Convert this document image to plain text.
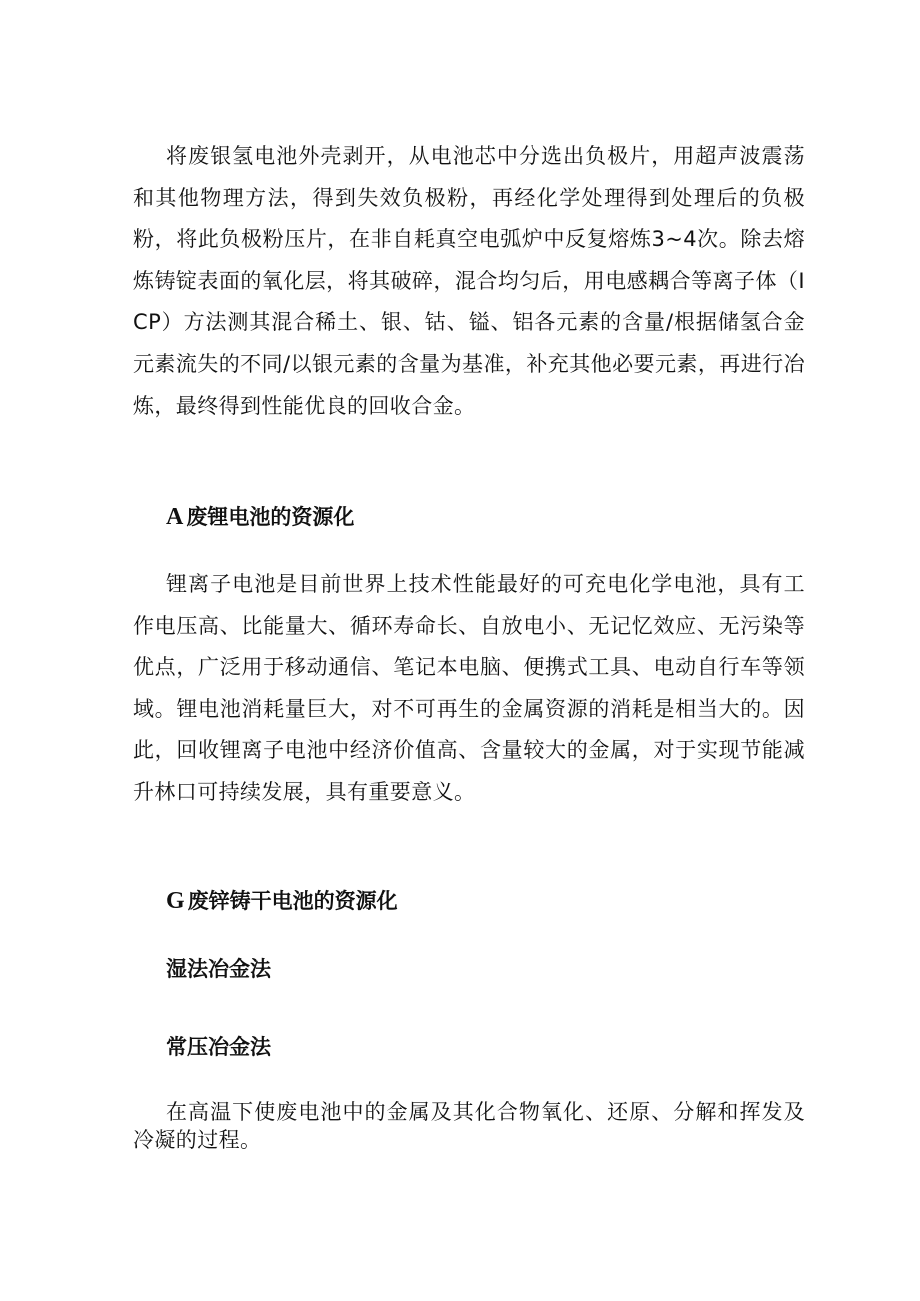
将废银氢电池外壳剥开，从电池芯中分选出负极片，用超声波震荡和其他物理方法，得到失效负极粉，再经化学处理得到处理后的负极粉，将此负极粉压片，在非自耗真空电弧炉中反复熔炼3~4次。除去熔炼铸锭表面的氧化层，将其破碎，混合均匀后，用电感耦合等离子体（ICP）方法测其混合稀土、银、钴、镒、铝各元素的含量/根据储氢合金元素流失的不同/以银元素的含量为基准，补充其他必要元素，再进行冶炼，最终得到性能优良的回收合金。

A 废锂电池的资源化

锂离子电池是目前世界上技术性能最好的可充电化学电池，具有工作电压高、比能量大、循环寿命长、自放电小、无记忆效应、无污染等优点，广泛用于移动通信、笔记本电脑、便携式工具、电动自行车等领域。锂电池消耗量巨大，对不可再生的金属资源的消耗是相当大的。因此，回收锂离子电池中经济价值高、含量较大的金属，对于实现节能减升林口可持续发展，具有重要意义。

G 废锌铸干电池的资源化
湿法冶金法
常压冶金法

在高温下使废电池中的金属及其化合物氧化、还原、分解和挥发及冷凝的过程。
